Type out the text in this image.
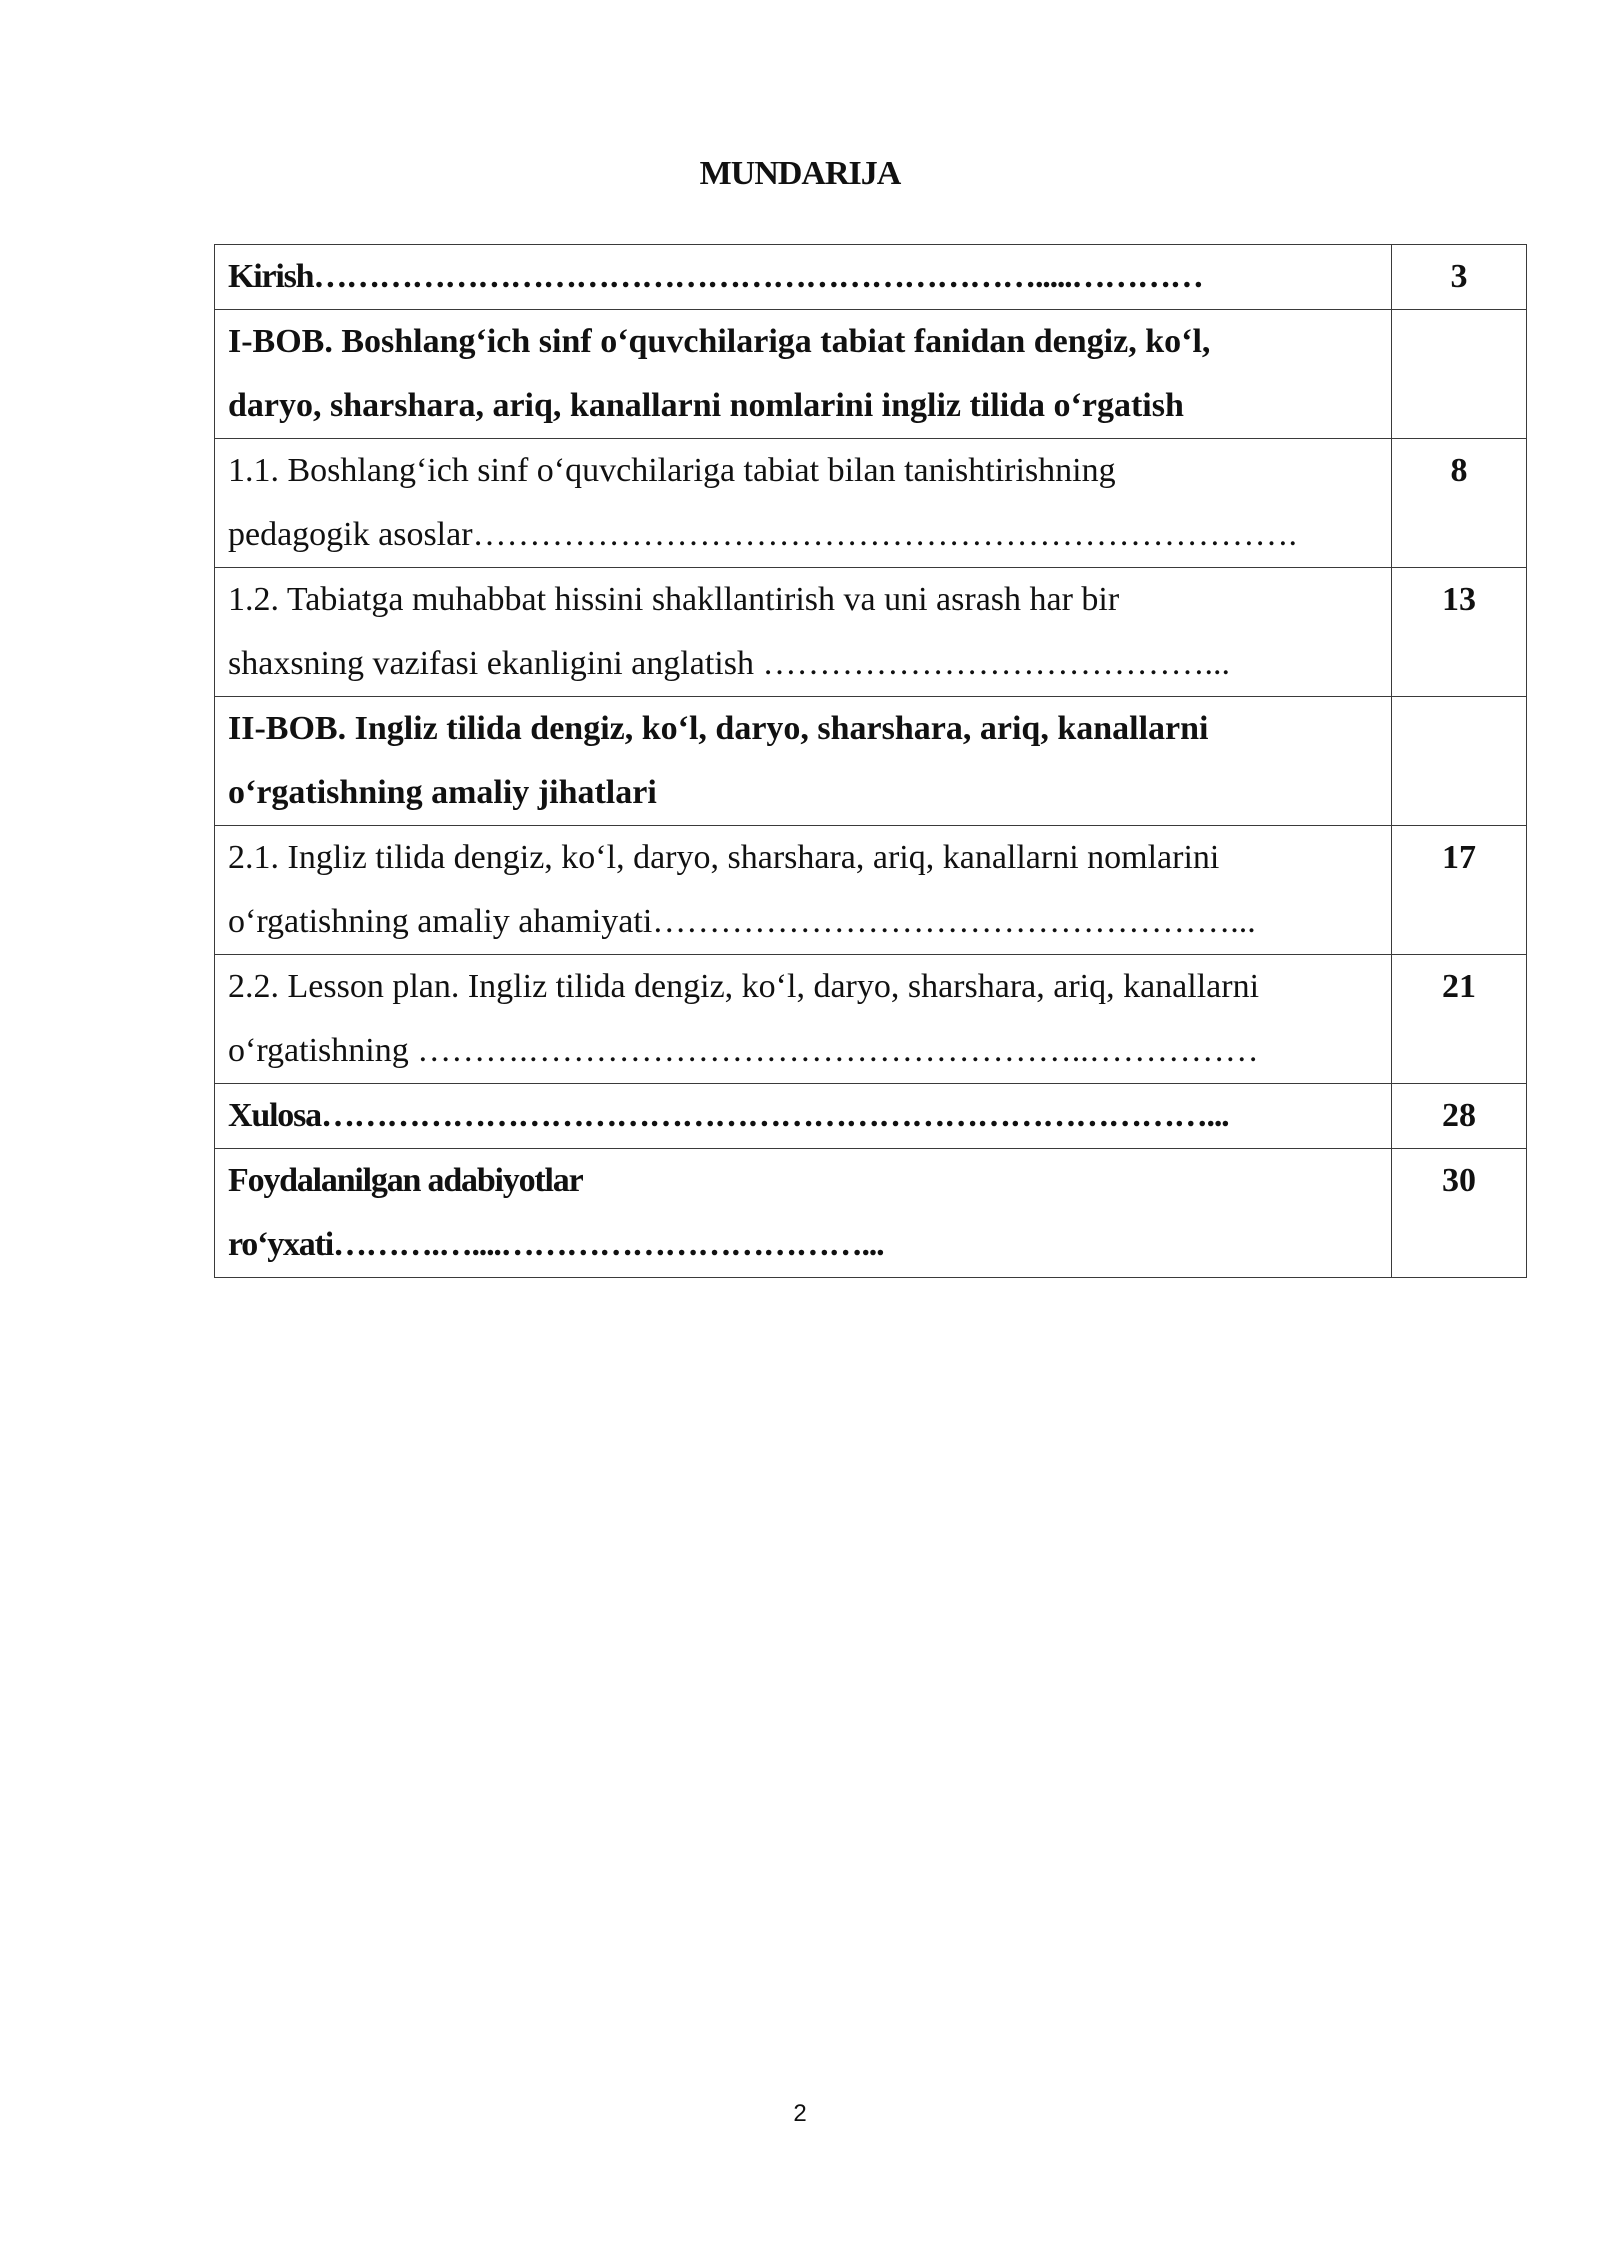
MUNDARIJA
Kirish………………………………………………………….....…………	3

I-BOB. Boshlang‘ich sinf o‘quvchilariga tabiat fanidan dengiz, ko‘l,
daryo, sharshara, ariq, kanallarni nomlarini ingliz tilida o‘rgatish	

1.1. Boshlang‘ich sinf o‘quvchilariga tabiat bilan tanishtirishning
pedagogik asoslar……………………………………………………………….	8

1.2. Tabiatga muhabbat hissini shakllantirish va uni asrash har bir
shaxsning vazifasi ekanligini anglatish …………………………………...	13

II-BOB. Ingliz tilida dengiz, ko‘l, daryo, sharshara, ariq, kanallarni
o‘rgatishning amaliy jihatlari	

2.1. Ingliz tilida dengiz, ko‘l, daryo, sharshara, ariq, kanallarni nomlarini
o‘rgatishning amaliy ahamiyati……………………………………………...	17

2.2. Lesson plan. Ingliz tilida dengiz, ko‘l, daryo, sharshara, ariq, kanallarni
o‘rgatishning ……….…………………………………………..……………	21

Xulosa………………………………………………………………………...	28

Foydalanilgan adabiyotlar
ro‘yxati……….…....……………………………...	30
2
